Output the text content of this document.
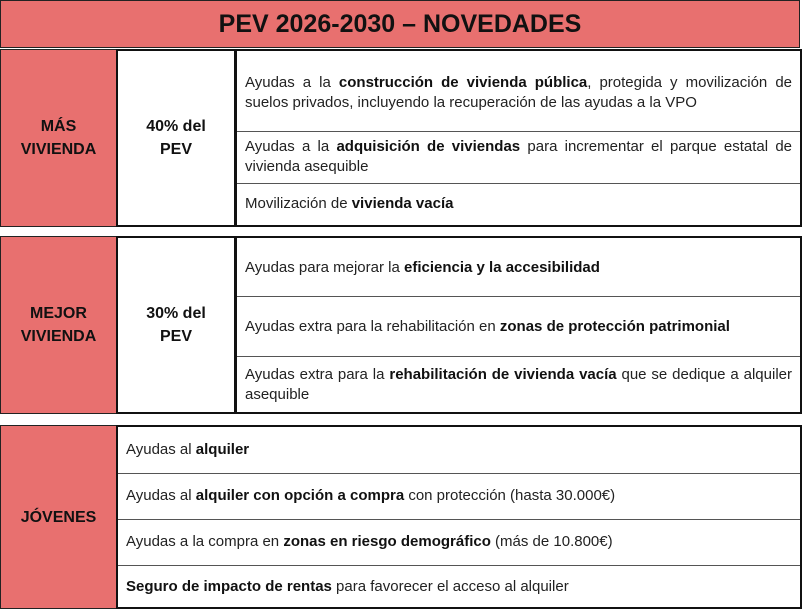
PEV 2026-2030 – NOVEDADES
MÁS
VIVIENDA
40% del
PEV
Ayudas a la construcción de vivienda pública, protegida y movilización de suelos privados, incluyendo la recuperación de las ayudas a la VPO
Ayudas a la adquisición de viviendas para incrementar el parque estatal de vivienda asequible
Movilización de vivienda vacía
MEJOR
VIVIENDA
30% del
PEV
Ayudas para mejorar la eficiencia y la accesibilidad
Ayudas extra para la rehabilitación en zonas de protección patrimonial
Ayudas extra para la rehabilitación de vivienda vacía que se dedique a alquiler asequible
JÓVENES
Ayudas al alquiler
Ayudas al alquiler con opción a compra con protección (hasta 30.000€)
Ayudas a la compra en zonas en riesgo demográfico (más de 10.800€)
Seguro de impacto de rentas para favorecer el acceso al alquiler
